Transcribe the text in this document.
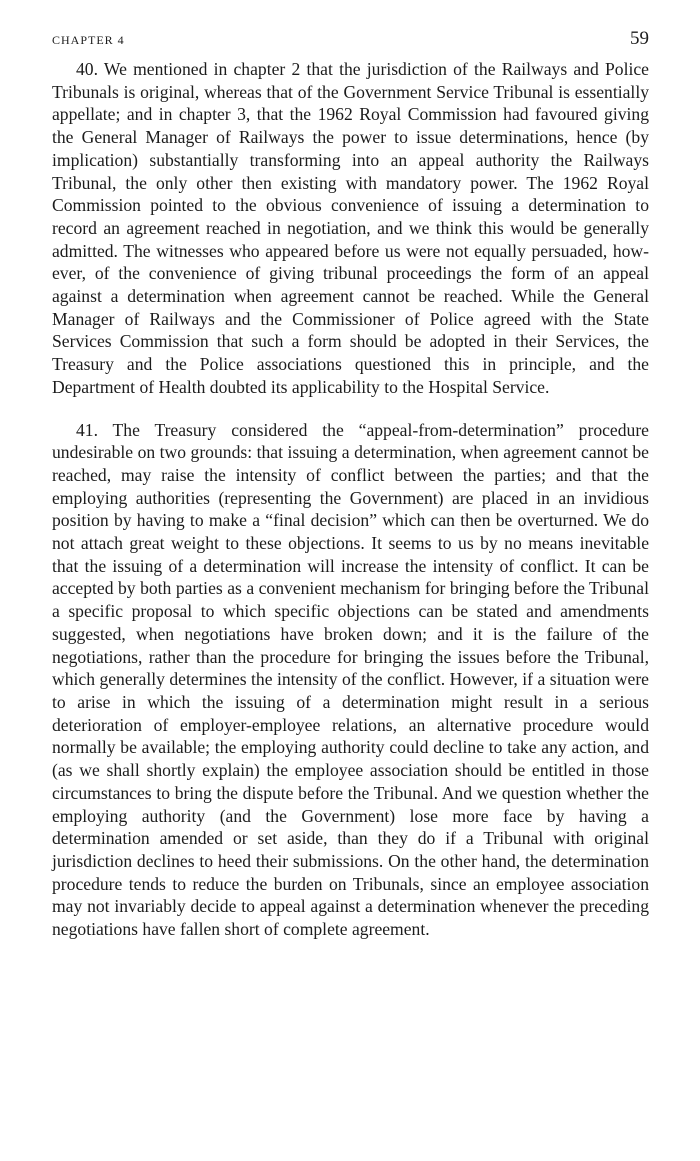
CHAPTER 4	59

40. We mentioned in chapter 2 that the jurisdiction of the Railways and Police Tribunals is original, whereas that of the Government Service Tribunal is essentially appellate; and in chapter 3, that the 1962 Royal Commission had favoured giving the General Manager of Railways the power to issue determinations, hence (by implication) substantially transforming into an appeal authority the Railways Tribunal, the only other then existing with mandatory power. The 1962 Royal Commission pointed to the obvious convenience of issuing a determination to record an agreement reached in negotiation, and we think this would be generally admitted. The witnesses who appeared before us were not equally persuaded, however, of the convenience of giving tribunal proceedings the form of an appeal against a determination when agreement cannot be reached. While the General Manager of Railways and the Commissioner of Police agreed with the State Services Commission that such a form should be adopted in their Services, the Treasury and the Police associations questioned this in principle, and the Department of Health doubted its applicability to the Hospital Service.

41. The Treasury considered the “appeal-from-determination” procedure undesirable on two grounds: that issuing a determination, when agreement cannot be reached, may raise the intensity of conflict between the parties; and that the employing authorities (representing the Government) are placed in an invidious position by having to make a “final decision” which can then be overturned. We do not attach great weight to these objections. It seems to us by no means inevitable that the issuing of a determination will increase the intensity of conflict. It can be accepted by both parties as a convenient mechanism for bringing before the Tribunal a specific proposal to which specific objections can be stated and amendments suggested, when negotiations have broken down; and it is the failure of the negotiations, rather than the procedure for bringing the issues before the Tribunal, which generally determines the intensity of the conflict. However, if a situation were to arise in which the issuing of a determination might result in a serious deterioration of employer-employee relations, an alternative procedure would normally be available; the employing authority could decline to take any action, and (as we shall shortly explain) the employee association should be entitled in those circumstances to bring the dispute before the Tribunal. And we question whether the employing authority (and the Government) lose more face by having a determination amended or set aside, than they do if a Tribunal with original jurisdiction declines to heed their submissions. On the other hand, the determination procedure tends to reduce the burden on Tribunals, since an employee association may not invariably decide to appeal against a determination whenever the preceding negotiations have fallen short of complete agreement.
